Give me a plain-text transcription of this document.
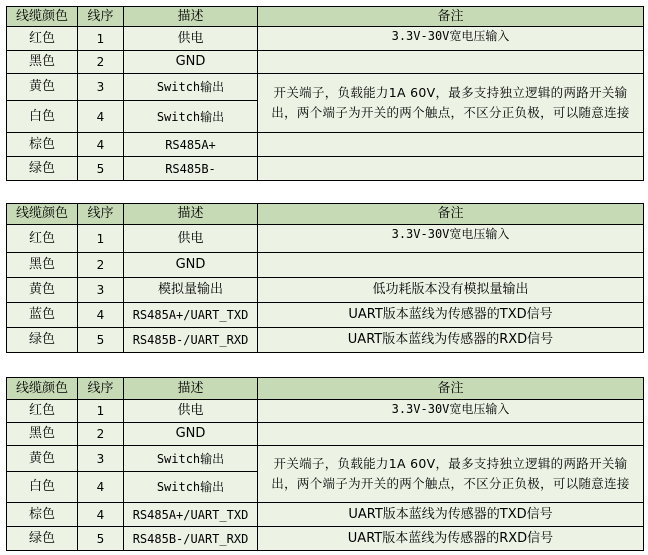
线缆颜色	线序	描述	备注
红色	1	供电	3.3V-30V宽电压输入
黑色	2	GND	
黄色	3	Switch输出	开关端子，负载能力1A 60V，最多支持独立逻辑的两路开关输出，两个端子为开关的两个触点，不区分正负极，可以随意连接
白色	4	Switch输出	
棕色	4	RS485A+	
绿色	5	RS485B-	
线缆颜色	线序	描述	备注
红色	1	供电	3.3V-30V宽电压输入
黑色	2	GND	
黄色	3	模拟量输出	低功耗版本没有模拟量输出
蓝色	4	RS485A+/UART_TXD	UART版本蓝线为传感器的TXD信号
绿色	5	RS485B-/UART_RXD	UART版本蓝线为传感器的RXD信号
线缆颜色	线序	描述	备注
红色	1	供电	3.3V-30V宽电压输入
黑色	2	GND	
黄色	3	Switch输出	开关端子，负载能力1A 60V，最多支持独立逻辑的两路开关输出，两个端子为开关的两个触点，不区分正负极，可以随意连接
白色	4	Switch输出	
棕色	4	RS485A+/UART_TXD	UART版本蓝线为传感器的TXD信号
绿色	5	RS485B-/UART_RXD	UART版本蓝线为传感器的RXD信号
